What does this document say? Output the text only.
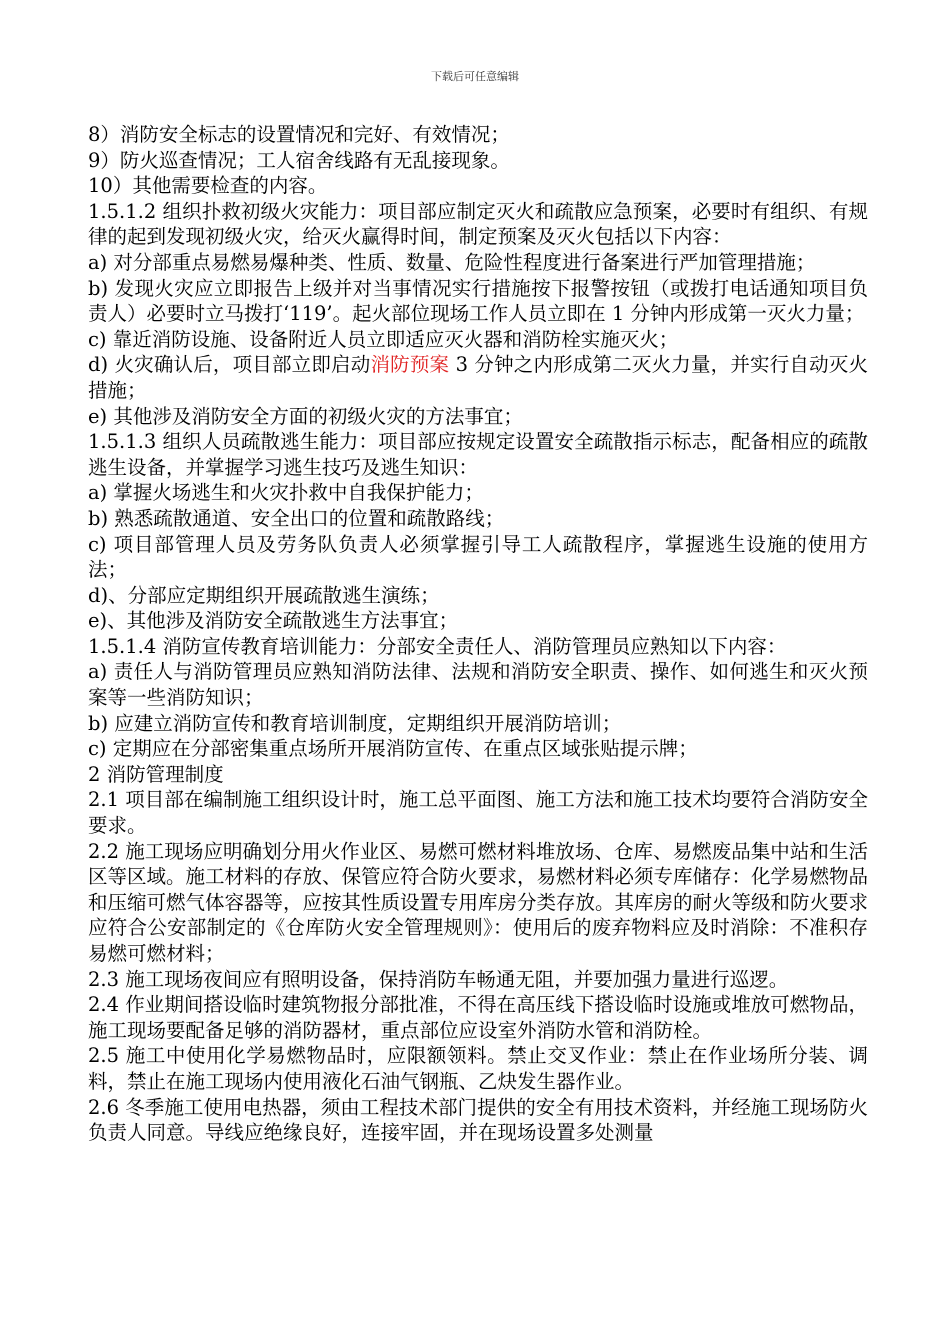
下载后可任意编辑

8）消防安全标志的设置情况和完好、有效情况；

9）防火巡查情况；工人宿舍线路有无乱接现象。

10）其他需要检查的内容。

1.5.1.2 组织扑救初级火灾能力：项目部应制定灭火和疏散应急预案，必要时有组织、有规律的起到发现初级火灾，给灭火赢得时间，制定预案及灭火包括以下内容：

a) 对分部重点易燃易爆种类、性质、数量、危险性程度进行备案进行严加管理措施；

b) 发现火灾应立即报告上级并对当事情况实行措施按下报警按钮（或拨打电话通知项目负责人）必要时立马拨打‘119’。起火部位现场工作人员立即在 1 分钟内形成第一灭火力量；

c) 靠近消防设施、设备附近人员立即适应灭火器和消防栓实施灭火；

d) 火灾确认后，项目部立即启动消防预案 3 分钟之内形成第二灭火力量，并实行自动灭火措施；

e) 其他涉及消防安全方面的初级火灾的方法事宜；

1.5.1.3 组织人员疏散逃生能力：项目部应按规定设置安全疏散指示标志，配备相应的疏散逃生设备，并掌握学习逃生技巧及逃生知识：

a) 掌握火场逃生和火灾扑救中自我保护能力；

b) 熟悉疏散通道、安全出口的位置和疏散路线；

c) 项目部管理人员及劳务队负责人必须掌握引导工人疏散程序，掌握逃生设施的使用方法；

d)、分部应定期组织开展疏散逃生演练；

e)、其他涉及消防安全疏散逃生方法事宜；

1.5.1.4 消防宣传教育培训能力：分部安全责任人、消防管理员应熟知以下内容：

a) 责任人与消防管理员应熟知消防法律、法规和消防安全职责、操作、如何逃生和灭火预案等一些消防知识；

b) 应建立消防宣传和教育培训制度，定期组织开展消防培训；

c) 定期应在分部密集重点场所开展消防宣传、在重点区域张贴提示牌；

2 消防管理制度

2.1 项目部在编制施工组织设计时，施工总平面图、施工方法和施工技术均要符合消防安全要求。

2.2 施工现场应明确划分用火作业区、易燃可燃材料堆放场、仓库、易燃废品集中站和生活区等区域。施工材料的存放、保管应符合防火要求，易燃材料必须专库储存：化学易燃物品和压缩可燃气体容器等，应按其性质设置专用库房分类存放。其库房的耐火等级和防火要求应符合公安部制定的《仓库防火安全管理规则》：使用后的废弃物料应及时消除：不准积存易燃可燃材料；

2.3 施工现场夜间应有照明设备，保持消防车畅通无阻，并要加强力量进行巡逻。

2.4 作业期间搭设临时建筑物报分部批准，不得在高压线下搭设临时设施或堆放可燃物品，施工现场要配备足够的消防器材，重点部位应设室外消防水管和消防栓。

2.5 施工中使用化学易燃物品时，应限额领料。禁止交叉作业：禁止在作业场所分装、调料，禁止在施工现场内使用液化石油气钢瓶、乙炔发生器作业。

2.6 冬季施工使用电热器，须由工程技术部门提供的安全有用技术资料，并经施工现场防火负责人同意。导线应绝缘良好，连接牢固，并在现场设置多处测量
